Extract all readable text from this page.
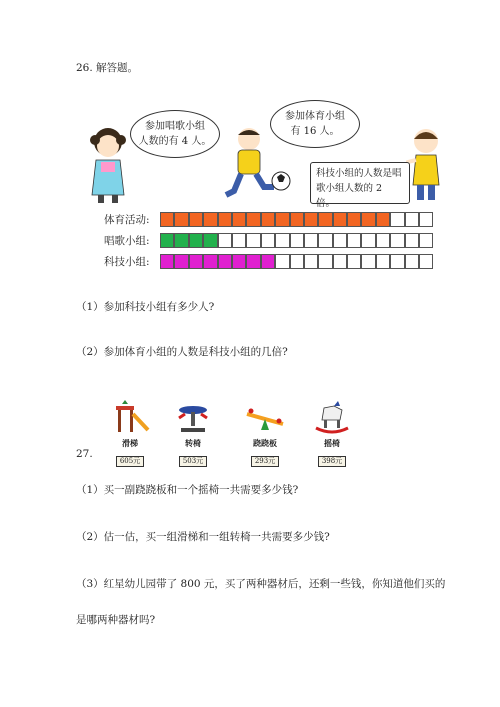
26. 解答题。
参加唱歌小组
人数的有 4 人。
参加体育小组
有 16 人。
科技小组的人数是唱
歌小组人数的 2 倍。
体育活动:
唱歌小组:
科技小组:
（1）参加科技小组有多少人?
（2）参加体育小组的人数是科技小组的几倍?
27.
滑梯
605元
转椅
503元
跷跷板
293元
摇椅
398元
（1）买一副跷跷板和一个摇椅一共需要多少钱?
（2）估一估，买一组滑梯和一组转椅一共需要多少钱?
（3）红星幼儿园带了 800 元，买了两种器材后，还剩一些钱，你知道他们买的
是哪两种器材吗?
